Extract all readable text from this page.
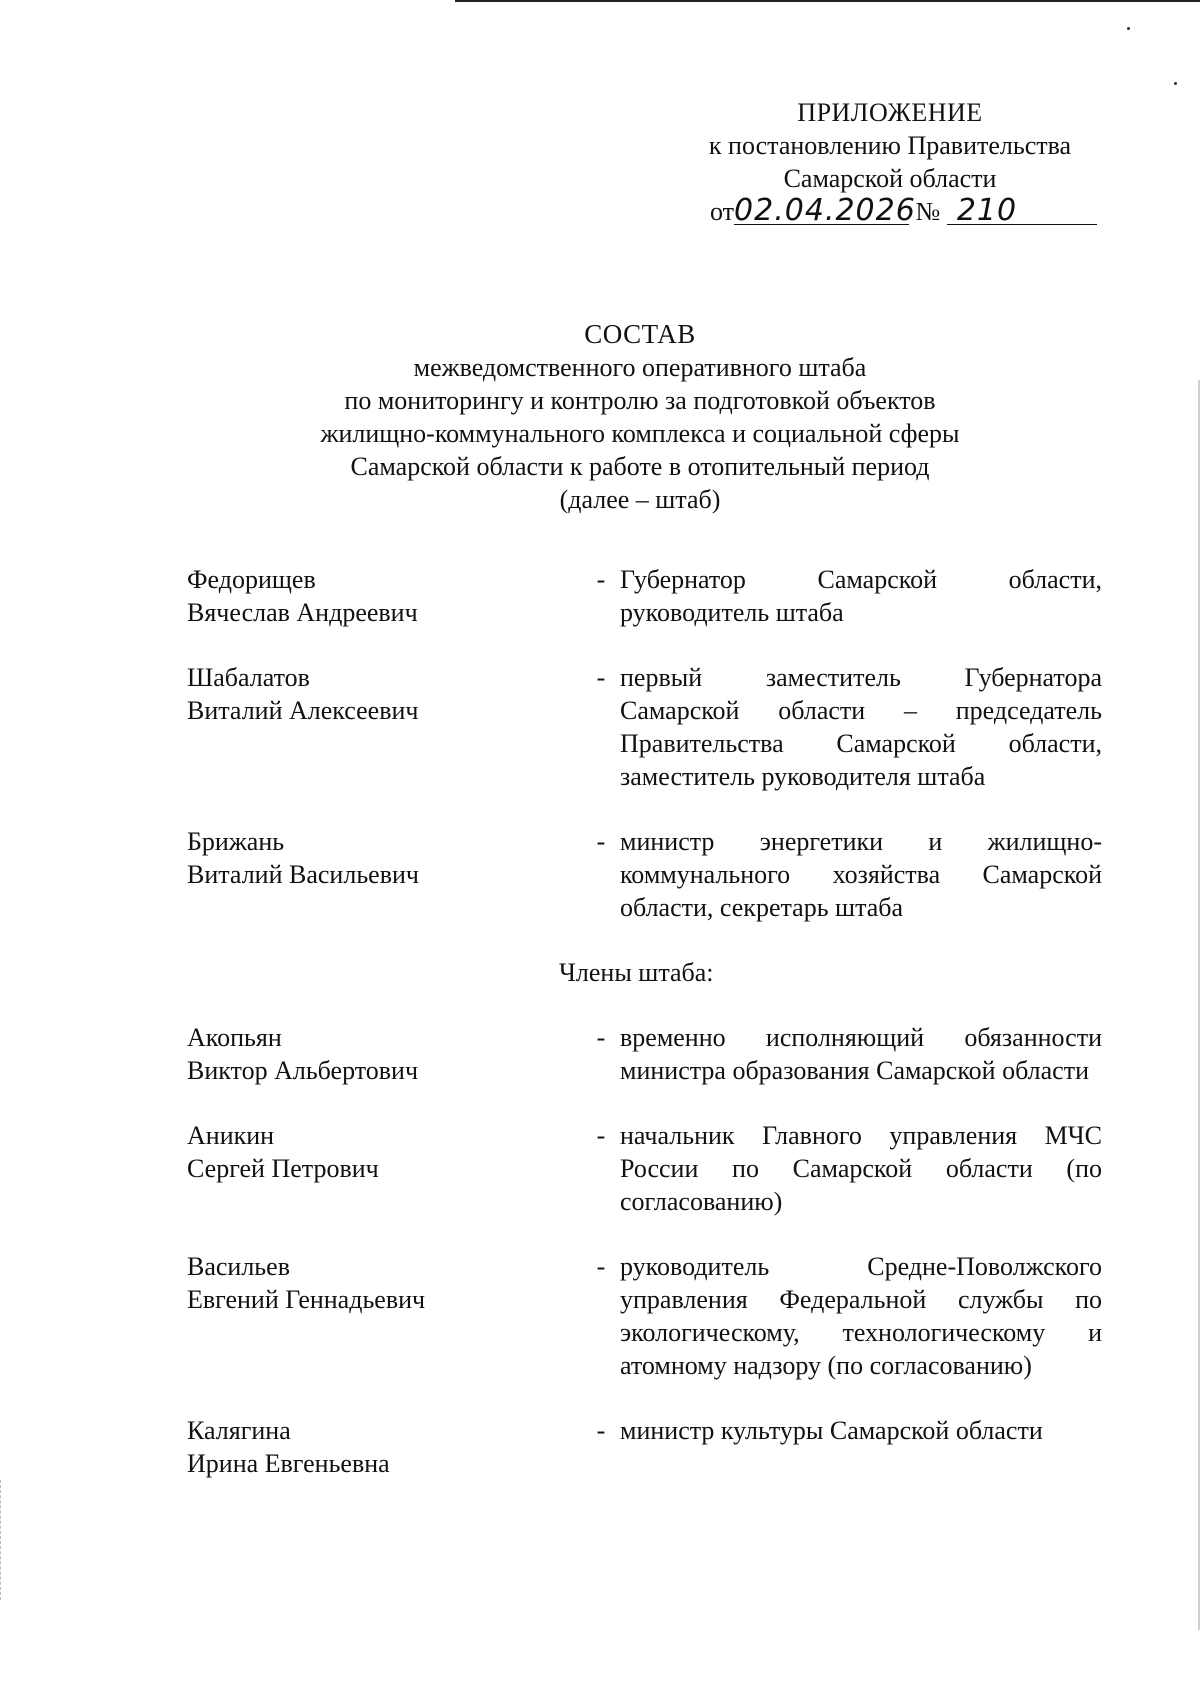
ПРИЛОЖЕНИЕ
к постановлению Правительства
Самарской области
от02.04.2026 № 210
СОСТАВ
межведомственного оперативного штаба
по мониторингу и контролю за подготовкой объектов
жилищно-коммунального комплекса и социальной сферы
Самарской области к работе в отопительный период
(далее – штаб)
Федорищев
Вячеслав Андреевич
- Губернатор Самарской области, руководитель штаба
Шабалатов
Виталий Алексеевич
- первый заместитель Губернатора Самарской области – председатель Правительства Самарской области, заместитель руководителя штаба
Брижань
Виталий Васильевич
- министр энергетики и жилищно-коммунального хозяйства Самарской области, секретарь штаба
Члены штаба:
Акопьян
Виктор Альбертович
- временно исполняющий обязанности министра образования Самарской области
Аникин
Сергей Петрович
- начальник Главного управления МЧС России по Самарской области (по согласованию)
Васильев
Евгений Геннадьевич
- руководитель Средне-Поволжского управления Федеральной службы по экологическому, технологическому и атомному надзору (по согласованию)
Калягина
Ирина Евгеньевна
- министр культуры Самарской области
